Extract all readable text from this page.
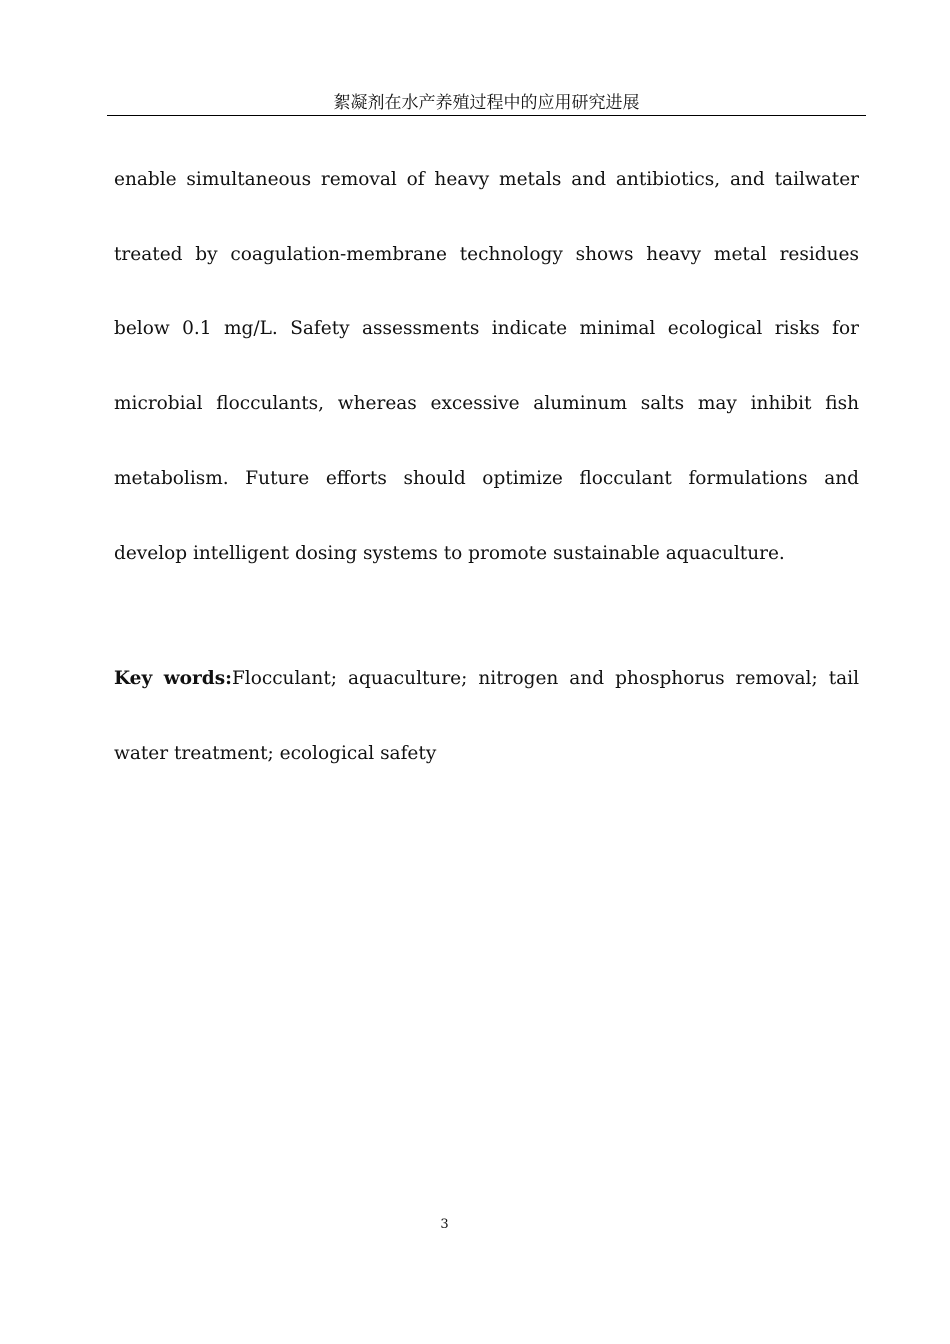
絮凝剂在水产养殖过程中的应用研究进展

enable simultaneous removal of heavy metals and antibiotics, and tailwater treated by coagulation-membrane technology shows heavy metal residues below 0.1 mg/L. Safety assessments indicate minimal ecological risks for microbial flocculants, whereas excessive aluminum salts may inhibit fish metabolism. Future efforts should optimize flocculant formulations and develop intelligent dosing systems to promote sustainable aquaculture.

Key words:Flocculant; aquaculture; nitrogen and phosphorus removal; tail water treatment; ecological safety

3
